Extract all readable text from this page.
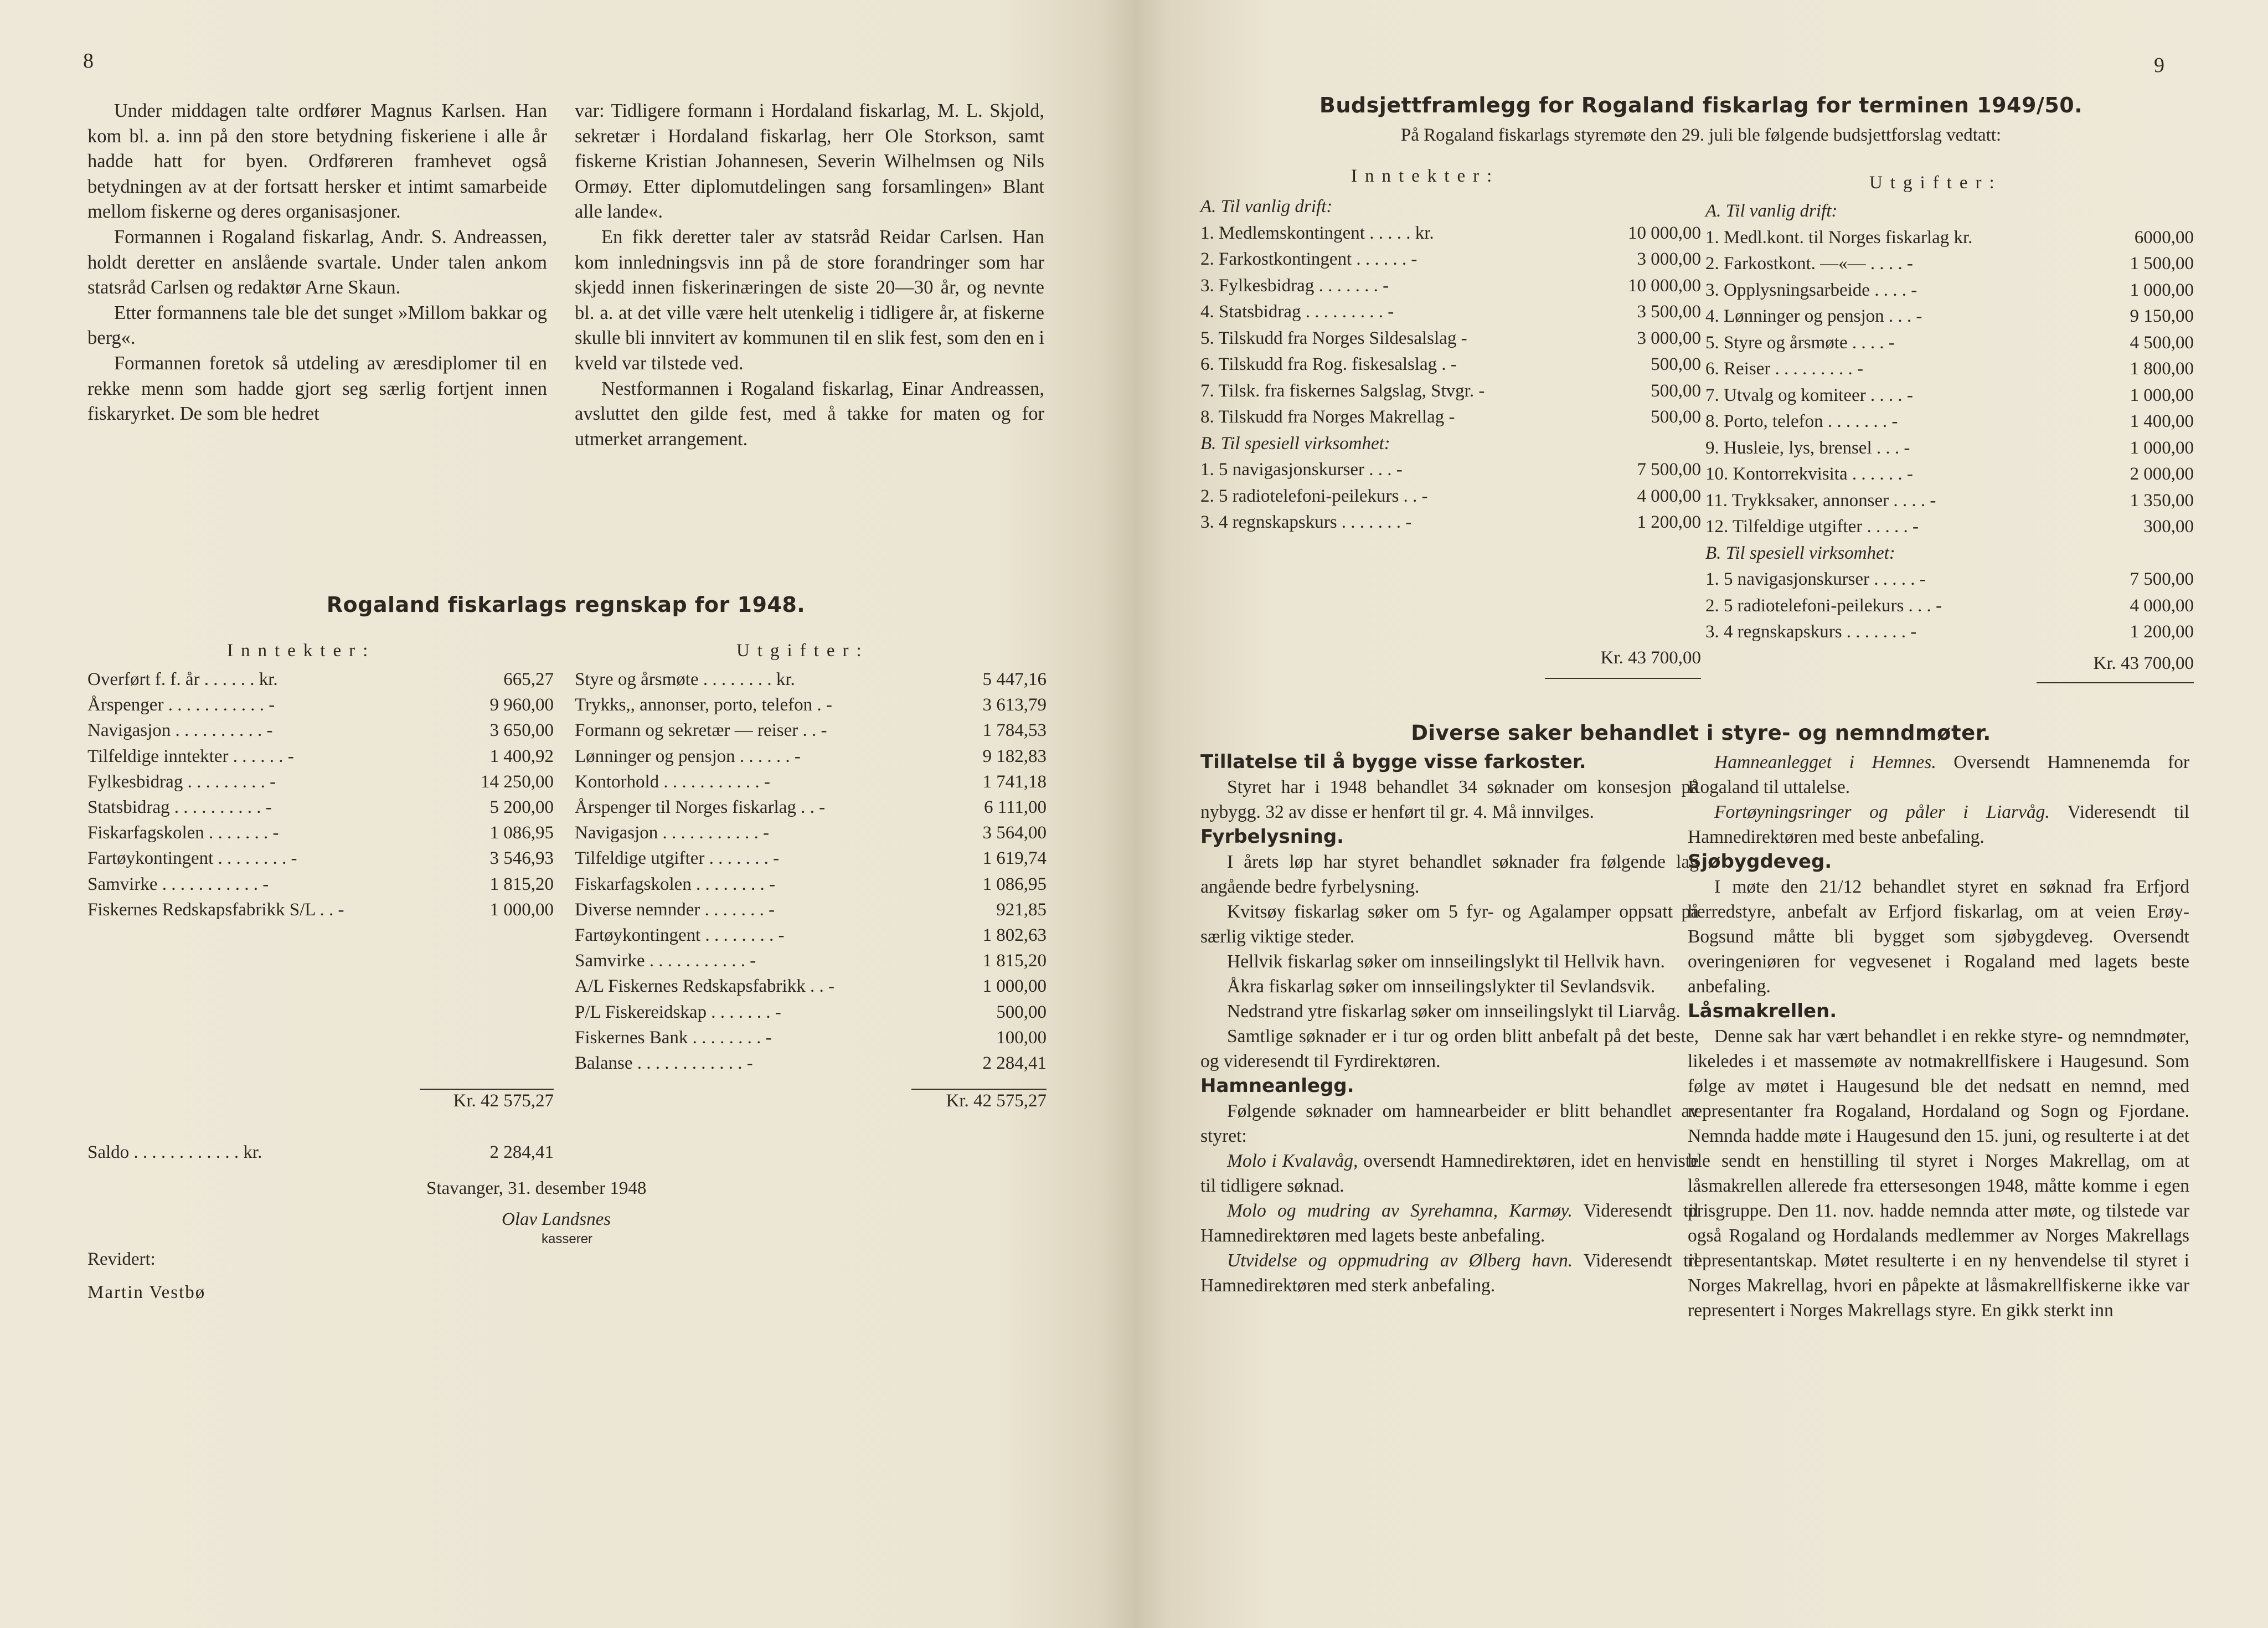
8

Under middagen talte ordfører Magnus Karlsen. Han kom bl. a. inn på den store betydning fiskeriene i alle år hadde hatt for byen. Ordføreren framhevet også betydningen av at der fortsatt hersker et intimt samarbeide mellom fiskerne og deres organisasjoner.

Formannen i Rogaland fiskarlag, Andr. S. Andreassen, holdt deretter en anslående svartale. Under talen ankom statsråd Carlsen og redaktør Arne Skaun.

Etter formannens tale ble det sunget »Millom bakkar og berg«.

Formannen foretok så utdeling av æresdiplomer til en rekke menn som hadde gjort seg særlig fortjent innen fiskaryrket. De som ble hedret

var: Tidligere formann i Hordaland fiskarlag, M. L. Skjold, sekretær i Hordaland fiskarlag, herr Ole Storkson, samt fiskerne Kristian Johannesen, Severin Wilhelmsen og Nils Ormøy. Etter diplomutdelingen sang forsamlingen» Blant alle lande«.

En fikk deretter taler av statsråd Reidar Carlsen. Han kom innledningsvis inn på de store forandringer som har skjedd innen fiskerinæringen de siste 20—30 år, og nevnte bl. a. at det ville være helt utenkelig i tidligere år, at fiskerne skulle bli innvitert av kommunen til en slik fest, som den en i kveld var tilstede ved.

Nestformannen i Rogaland fiskarlag, Einar Andreassen, avsluttet den gilde fest, med å takke for maten og for utmerket arrangement.

Rogaland fiskarlags regnskap for 1948.
Inntekter:	Utgifter:
Overført f. f. år . . . . . . kr.	665,27
Årspenger . . . . . . . . . . . -	9 960,00
Navigasjon . . . . . . . . . . -	3 650,00
Tilfeldige inntekter . . . . . . -	1 400,92
Fylkesbidrag . . . . . . . . . -	14 250,00
Statsbidrag . . . . . . . . . . -	5 200,00
Fiskarfagskolen . . . . . . . -	1 086,95
Fartøykontingent . . . . . . . . -	3 546,93
Samvirke . . . . . . . . . . . -	1 815,20
Fiskernes Redskapsfabrikk S/L . . -	1 000,00
Styre og årsmøte . . . . . . . . kr.	5 447,16
Trykks,, annonser, porto, telefon . -	3 613,79
Formann og sekretær — reiser . . -	1 784,53
Lønninger og pensjon . . . . . . -	9 182,83
Kontorhold . . . . . . . . . . . -	1 741,18
Årspenger til Norges fiskarlag . . -	6 111,00
Navigasjon . . . . . . . . . . . -	3 564,00
Tilfeldige utgifter . . . . . . . -	1 619,74
Fiskarfagskolen . . . . . . . . -	1 086,95
Diverse nemnder . . . . . . . -	921,85
Fartøykontingent . . . . . . . . -	1 802,63
Samvirke . . . . . . . . . . . -	1 815,20
A/L Fiskernes Redskapsfabrikk . . -	1 000,00
P/L Fiskereidskap . . . . . . . -	500,00
Fiskernes Bank . . . . . . . . -	100,00
Balanse . . . . . . . . . . . . -	2 284,41
Kr. 42 575,27	Kr. 42 575,27
Saldo . . . . . . . . . . . . kr.	2 284,41
Stavanger, 31. desember 1948
Olav Landsnes
kasserer
Revidert:
Martin Vestbø
9
Budsjettframlegg for Rogaland fiskarlag for terminen 1949/50.
På Rogaland fiskarlags styremøte den 29. juli ble følgende budsjettforslag vedtatt:
Inntekter:	Utgifter:
A. Til vanlig drift:
1. Medlemskontingent . . . . . kr.	10 000,00
2. Farkostkontingent . . . . . . -	3 000,00
3. Fylkesbidrag . . . . . . . -	10 000,00
4. Statsbidrag . . . . . . . . . -	3 500,00
5. Tilskudd fra Norges Sildesalslag -	3 000,00
6. Tilskudd fra Rog. fiskesalslag . -	500,00
7. Tilsk. fra fiskernes Salgslag, Stvgr. -	500,00
8. Tilskudd fra Norges Makrellag -	500,00
B. Til spesiell virksomhet:
1. 5 navigasjonskurser . . . -	7 500,00
2. 5 radiotelefoni-peilekurs . . -	4 000,00
3. 4 regnskapskurs . . . . . . . -	1 200,00
A. Til vanlig drift:
1. Medl.kont. til Norges fiskarlag kr.	6000,00
2. Farkostkont. —«— . . . . -	1 500,00
3. Opplysningsarbeide . . . . -	1 000,00
4. Lønninger og pensjon . . . -	9 150,00
5. Styre og årsmøte . . . . -	4 500,00
6. Reiser . . . . . . . . . -	1 800,00
7. Utvalg og komiteer . . . . -	1 000,00
8. Porto, telefon . . . . . . . -	1 400,00
9. Husleie, lys, brensel . . . -	1 000,00
10. Kontorrekvisita . . . . . . -	2 000,00
11. Trykksaker, annonser . . . . -	1 350,00
12. Tilfeldige utgifter . . . . . -	300,00
B. Til spesiell virksomhet:
1. 5 navigasjonskurser . . . . . -	7 500,00
2. 5 radiotelefoni-peilekurs . . . -	4 000,00
3. 4 regnskapskurs . . . . . . . -	1 200,00
Kr. 43 700,00	Kr. 43 700,00
Diverse saker behandlet i styre- og nemndmøter.

Tillatelse til å bygge visse farkoster.

Styret har i 1948 behandlet 34 søknader om konsesjon på nybygg. 32 av disse er henført til gr. 4. Må innvilges.

Fyrbelysning.

I årets løp har styret behandlet søknader fra følgende lag angående bedre fyrbelysning.

Kvitsøy fiskarlag søker om 5 fyr- og Agalamper oppsatt på særlig viktige steder.

Hellvik fiskarlag søker om innseilingslykt til Hellvik havn.

Åkra fiskarlag søker om innseilingslykter til Sevlandsvik.

Nedstrand ytre fiskarlag søker om innseilingslykt til Liarvåg.

Samtlige søknader er i tur og orden blitt anbefalt på det beste, og videresendt til Fyrdirektøren.

Hamneanlegg.

Følgende søknader om hamnearbeider er blitt behandlet av styret:

Molo i Kvalavåg, oversendt Hamnedirektøren, idet en henviste til tidligere søknad.

Molo og mudring av Syrehamna, Karmøy. Videresendt til Hamnedirektøren med lagets beste anbefaling.

Utvidelse og oppmudring av Ølberg havn. Videresendt til Hamnedirektøren med sterk anbefaling.

Hamneanlegget i Hemnes. Oversendt Hamnenemda for Rogaland til uttalelse.

Fortøyningsringer og påler i Liarvåg. Videresendt til Hamnedirektøren med beste anbefaling.

Sjøbygdeveg.

I møte den 21/12 behandlet styret en søknad fra Erfjord herredstyre, anbefalt av Erfjord fiskarlag, om at veien Erøy-Bogsund måtte bli bygget som sjøbygdeveg. Oversendt overingeniøren for vegvesenet i Rogaland med lagets beste anbefaling.

Låsmakrellen.

Denne sak har vært behandlet i en rekke styre- og nemndmøter, likeledes i et massemøte av notmakrellfiskere i Haugesund. Som følge av møtet i Haugesund ble det nedsatt en nemnd, med representanter fra Rogaland, Hordaland og Sogn og Fjordane. Nemnda hadde møte i Haugesund den 15. juni, og resulterte i at det ble sendt en henstilling til styret i Norges Makrellag, om at låsmakrellen allerede fra ettersesongen 1948, måtte komme i egen prisgruppe. Den 11. nov. hadde nemnda atter møte, og tilstede var også Rogaland og Hordalands medlemmer av Norges Makrellags representantskap. Møtet resulterte i en ny henvendelse til styret i Norges Makrellag, hvori en påpekte at låsmakrellfiskerne ikke var representert i Norges Makrellags styre. En gikk sterkt inn
